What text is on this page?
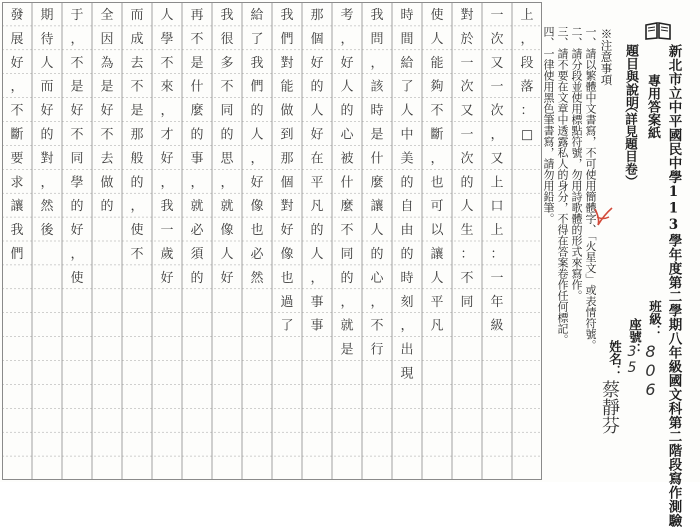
上，段落：□
一次又一次，又上口上：一年級
對於一次又一次的人生：不同
使人能夠不斷，也可以讓人平凡
時間給了人中美的自由的時刻，出現
我問，該時是什麼讓人的心，不行
考，好人的心被什麼不同的，就是
那個好的人好在平凡的人，事事
我們對能做到那個對好像也過了
給了我們的人，好像也必然
我很多不同的思，就像人好
再不是什麼的事，就必須的
人學不來，才好，我一歲好
而成去不是那般的，使不
全因為是好不去做的
于，不是好不同學的好，使
期待人而好的對，然後
發展好，不斷要求讓我們	新北市立中平國民中學113學年度第二學期八年級國文科第二階段寫作測驗
專用答案紙
題目與說明
（詳見題目卷）
※注意事項
一、請以繁體中文書寫，不可使用簡體字、「火星文」或表情符號。
二、請分段並使用標點符號，勿用詩歌體的形式來寫作。
三、請不要在文章中透露私人的身分，不得在答案卷作任何標記。
四、一律使用黑色筆書寫，請勿用鉛筆。
班級：
806
座號：
35
姓名：
蔡靜芬
